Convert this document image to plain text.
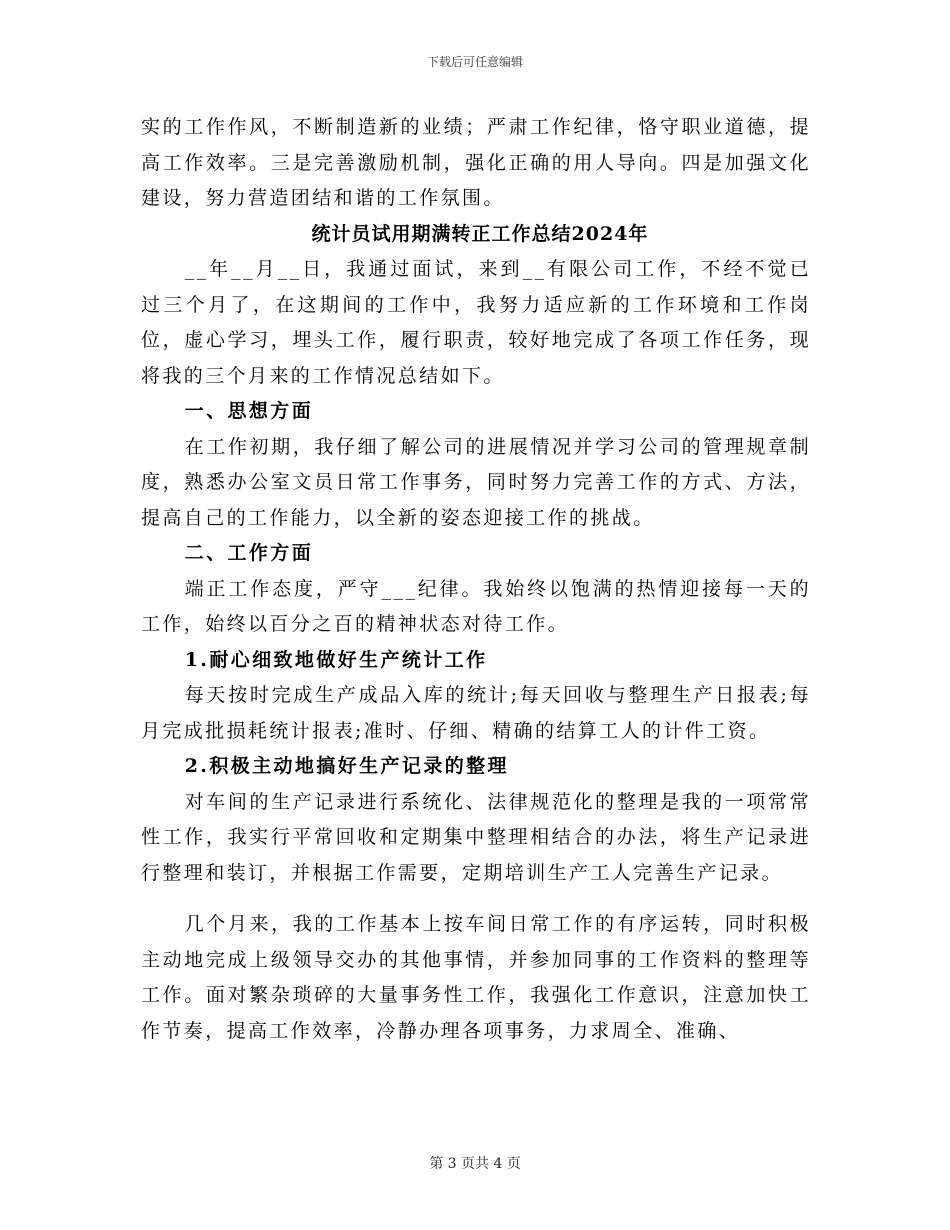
下载后可任意编辑

实的工作作风，不断制造新的业绩；严肃工作纪律，恪守职业道德，提高工作效率。三是完善激励机制，强化正确的用人导向。四是加强文化建设，努力营造团结和谐的工作氛围。

统计员试用期满转正工作总结2024年

__年__月__日，我通过面试，来到__有限公司工作，不经不觉已过三个月了，在这期间的工作中，我努力适应新的工作环境和工作岗位，虚心学习，埋头工作，履行职责，较好地完成了各项工作任务，现将我的三个月来的工作情况总结如下。

一、思想方面

在工作初期，我仔细了解公司的进展情况并学习公司的管理规章制度，熟悉办公室文员日常工作事务，同时努力完善工作的方式、方法，提高自己的工作能力，以全新的姿态迎接工作的挑战。

二、工作方面

端正工作态度，严守___纪律。我始终以饱满的热情迎接每一天的工作，始终以百分之百的精神状态对待工作。

1.耐心细致地做好生产统计工作

每天按时完成生产成品入库的统计;每天回收与整理生产日报表;每月完成批损耗统计报表;准时、仔细、精确的结算工人的计件工资。

2.积极主动地搞好生产记录的整理

对车间的生产记录进行系统化、法律规范化的整理是我的一项常常性工作，我实行平常回收和定期集中整理相结合的办法，将生产记录进行整理和装订，并根据工作需要，定期培训生产工人完善生产记录。

几个月来，我的工作基本上按车间日常工作的有序运转，同时积极主动地完成上级领导交办的其他事情，并参加同事的工作资料的整理等工作。面对繁杂琐碎的大量事务性工作，我强化工作意识，注意加快工作节奏，提高工作效率，冷静办理各项事务，力求周全、准确、

第 3 页共 4 页
